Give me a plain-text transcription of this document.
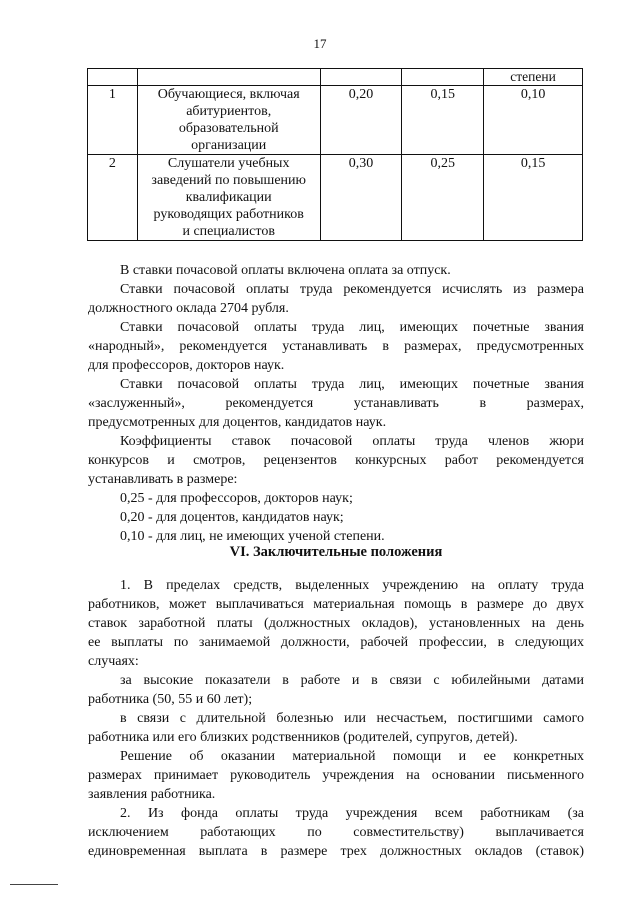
17
				степени
1	Обучающиеся, включая
абитуриентов,
образовательной
организации	0,20	0,15	0,10
2	Слушатели учебных
заведений по повышению
квалификации
руководящих работников
и специалистов	0,30	0,25	0,15
В ставки почасовой оплаты включена оплата за отпуск.
Ставки почасовой оплаты труда рекомендуется исчислять из размера
должностного оклада 2704 рубля.
Ставки почасовой оплаты труда лиц, имеющих почетные звания
«народный», рекомендуется устанавливать в размерах, предусмотренных
для профессоров, докторов наук.
Ставки почасовой оплаты труда лиц, имеющих почетные звания
«заслуженный», рекомендуется устанавливать в размерах,
предусмотренных для доцентов, кандидатов наук.
Коэффициенты ставок почасовой оплаты труда членов жюри
конкурсов и смотров, рецензентов конкурсных работ рекомендуется
устанавливать в размере:
0,25 - для профессоров, докторов наук;
0,20 - для доцентов, кандидатов наук;
0,10 - для лиц, не имеющих ученой степени.
VI. Заключительные положения
1. В пределах средств, выделенных учреждению на оплату труда
работников, может выплачиваться материальная помощь в размере до двух
ставок заработной платы (должностных окладов), установленных на день
ее выплаты по занимаемой должности, рабочей профессии, в следующих
случаях:
за высокие показатели в работе и в связи с юбилейными датами
работника (50, 55 и 60 лет);
в связи с длительной болезнью или несчастьем, постигшими самого
работника или его близких родственников (родителей, супругов, детей).
Решение об оказании материальной помощи и ее конкретных
размерах принимает руководитель учреждения на основании письменного
заявления работника.
2. Из фонда оплаты труда учреждения всем работникам (за
исключением работающих по совместительству) выплачивается
единовременная выплата в размере трех должностных окладов (ставок)
